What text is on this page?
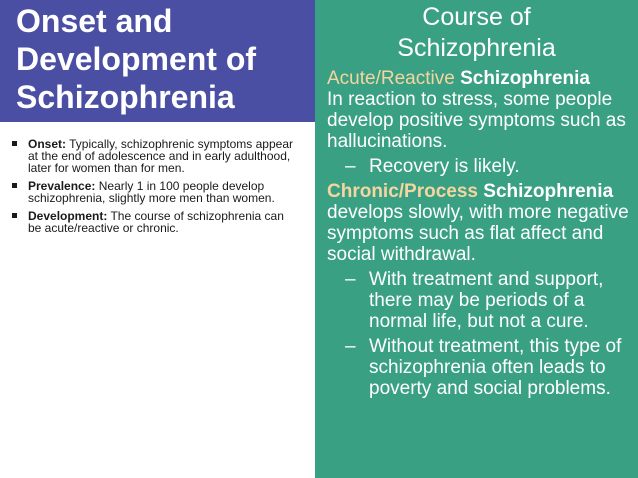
Onset and
Development of
Schizophrenia
Onset: Typically, schizophrenic symptoms appear at the end of adolescence and in early adulthood, later for women than for men.
Prevalence: Nearly 1 in 100 people develop schizophrenia, slightly more men than women.
Development: The course of schizophrenia can be acute/reactive or chronic.
Course of
Schizophrenia

Acute/Reactive Schizophrenia
In reaction to stress, some people develop positive symptoms such as hallucinations.

– Recovery is likely.

Chronic/Process Schizophrenia develops slowly, with more negative symptoms such as flat affect and social withdrawal.

– With treatment and support, there may be periods of a normal life, but not a cure.

– Without treatment, this type of schizophrenia often leads to poverty and social problems.
